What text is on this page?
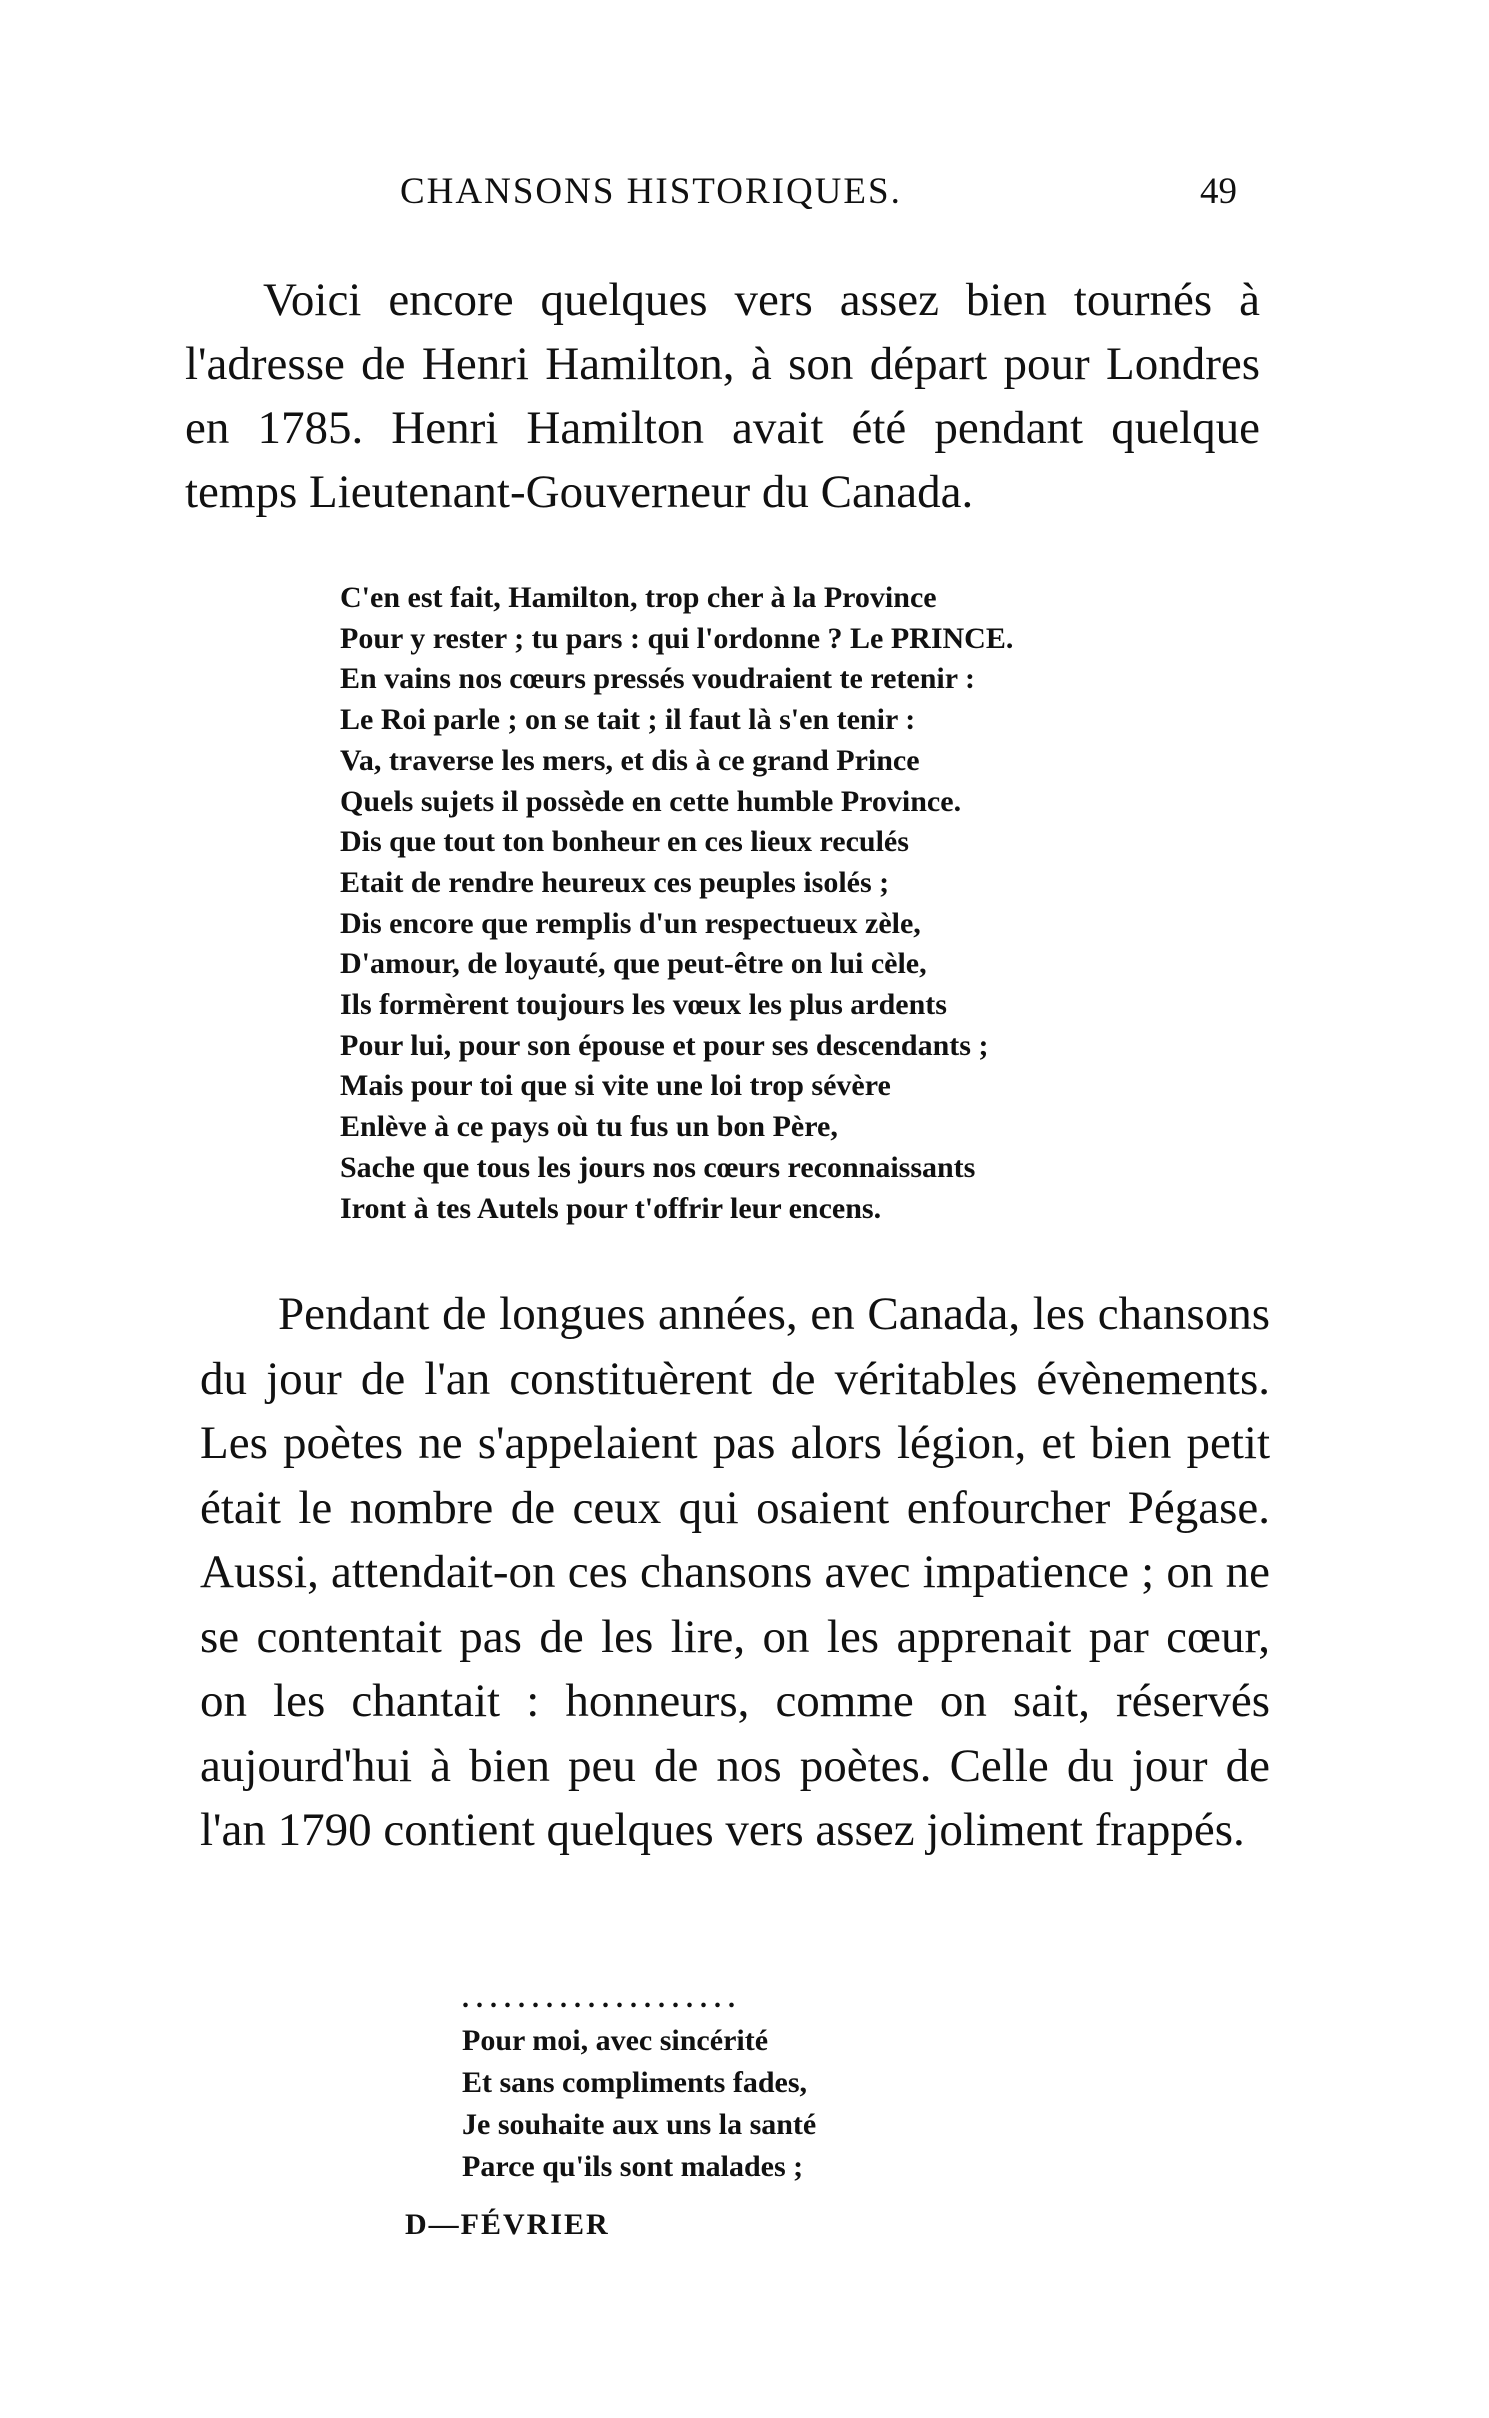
CHANSONS HISTORIQUES.	49

Voici encore quelques vers assez bien tournés à l'adresse de Henri Hamilton, à son départ pour Londres en 1785. Henri Hamilton avait été pendant quelque temps Lieutenant-Gouverneur du Canada.

C'en est fait, Hamilton, trop cher à la Province
Pour y rester ; tu pars : qui l'ordonne ? Le PRINCE.
En vains nos cœurs pressés voudraient te retenir :
Le Roi parle ; on se tait ; il faut là s'en tenir :
Va, traverse les mers, et dis à ce grand Prince
Quels sujets il possède en cette humble Province.
Dis que tout ton bonheur en ces lieux reculés
Etait de rendre heureux ces peuples isolés ;
Dis encore que remplis d'un respectueux zèle,
D'amour, de loyauté, que peut-être on lui cèle,
Ils formèrent toujours les vœux les plus ardents
Pour lui, pour son épouse et pour ses descendants ;
Mais pour toi que si vite une loi trop sévère
Enlève à ce pays où tu fus un bon Père,
Sache que tous les jours nos cœurs reconnaissants
Iront à tes Autels pour t'offrir leur encens.

Pendant de longues années, en Canada, les chansons du jour de l'an constituèrent de véritables évènements. Les poètes ne s'appelaient pas alors légion, et bien petit était le nombre de ceux qui osaient enfourcher Pégase. Aussi, attendait-on ces chansons avec impatience ; on ne se contentait pas de les lire, on les apprenait par cœur, on les chantait : honneurs, comme on sait, réservés aujourd'hui à bien peu de nos poètes. Celle du jour de l'an 1790 contient quelques vers assez joliment frappés.

....................
Pour moi, avec sincérité
Et sans compliments fades,
Je souhaite aux uns la santé
Parce qu'ils sont malades ;
D—FÉVRIER
